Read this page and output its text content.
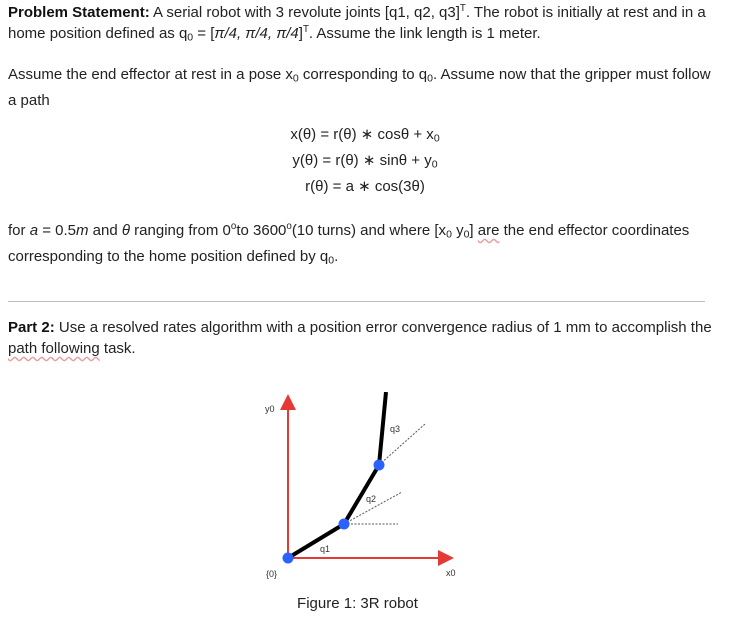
Problem Statement: A serial robot with 3 revolute joints [q1, q2, q3]$^T$. The robot is initially at rest and in a home position defined as $q_0 = [\pi/4$, π/4, π/4]$^T$. Assume the link length is 1 meter.
Assume the end effector at rest in a pose $x_0$ corresponding to $q_0$. Assume now that the gripper must follow a path
x(θ) = r(θ) ∗ $\cos\theta + x_0$
y(θ) = r(θ) ∗ $\sin\theta + y_0$
r(θ) = a ∗ cos(3θ)
for a = 0.5m and θ ranging from 0$^o$to 3600$^o$(10 turns) and where [$x_0$ $y_0$] are the end effector coordinates corresponding to the home position defined by $q_0$.
Part 2: Use a resolved rates algorithm with a position error convergence radius of 1 mm to accomplish the path following task.
y0
x0
{0}
q1
q2
q3
Figure 1: 3R robot
